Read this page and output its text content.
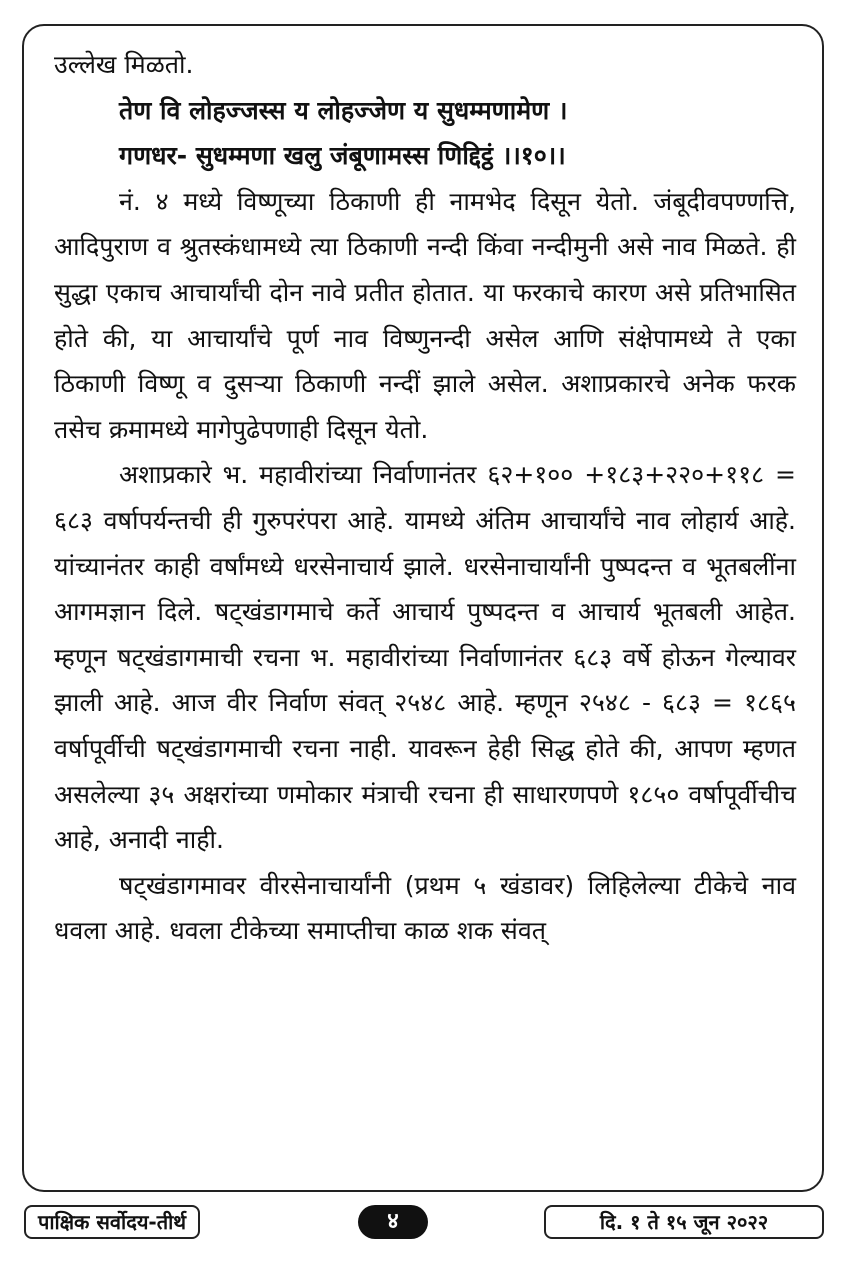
उल्लेख मिळतो.

तेण वि लोहज्जस्स य लोहज्जेण य सुधम्मणामेण ।

गणधर- सुधम्मणा खलु जंबूणामस्स णिद्दिट्ठं ।।१०।।

नं. ४ मध्ये विष्णूच्या ठिकाणी ही नामभेद दिसून येतो. जंबूदीवपण्णत्ति, आदिपुराण व श्रुतस्कंधामध्ये त्या ठिकाणी नन्दी किंवा नन्दीमुनी असे नाव मिळते. ही सुद्धा एकाच आचार्यांची दोन नावे प्रतीत होतात. या फरकाचे कारण असे प्रतिभासित होते की, या आचार्यांचे पूर्ण नाव विष्णुनन्दी असेल आणि संक्षेपामध्ये ते एका ठिकाणी विष्णू व दुसऱ्या ठिकाणी नन्दीं झाले असेल. अशाप्रकारचे अनेक फरक तसेच क्रमामध्ये मागेपुढेपणाही दिसून येतो.

अशाप्रकारे भ. महावीरांच्या निर्वाणानंतर ६२+१०० +१८३+२२०+११८ = ६८३ वर्षापर्यन्तची ही गुरुपरंपरा आहे. यामध्ये अंतिम आचार्यांचे नाव लोहार्य आहे. यांच्यानंतर काही वर्षांमध्ये धरसेनाचार्य झाले. धरसेनाचार्यांनी पुष्पदन्त व भूतबलींना आगमज्ञान दिले. षट्खंडागमाचे कर्ते आचार्य पुष्पदन्त व आचार्य भूतबली आहेत. म्हणून षट्खंडागमाची रचना भ. महावीरांच्या निर्वाणानंतर ६८३ वर्षे होऊन गेल्यावर झाली आहे. आज वीर निर्वाण संवत् २५४८ आहे. म्हणून २५४८ - ६८३ = १८६५ वर्षापूर्वीची षट्खंडागमाची रचना नाही. यावरून हेही सिद्ध होते की, आपण म्हणत असलेल्या ३५ अक्षरांच्या णमोकार मंत्राची रचना ही साधारणपणे १८५० वर्षापूर्वीचीच आहे, अनादी नाही.

षट्खंडागमावर वीरसेनाचार्यांनी (प्रथम ५ खंडावर) लिहिलेल्या टीकेचे नाव धवला आहे. धवला टीकेच्या समाप्तीचा काळ शक संवत्

पाक्षिक सर्वोदय-तीर्थ	४	दि. १ ते १५ जून २०२२
